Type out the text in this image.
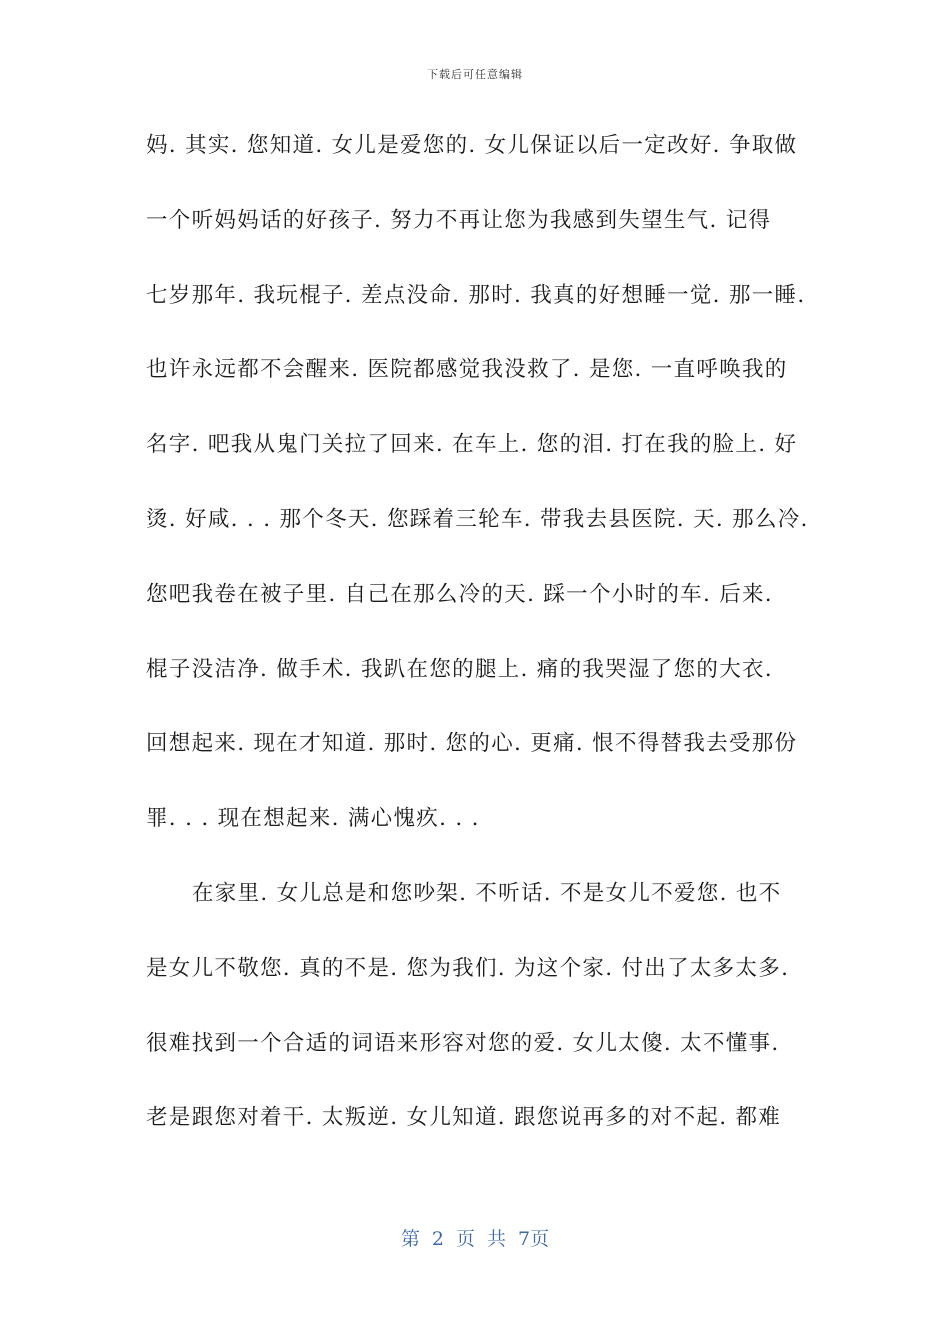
下载后可任意编辑
妈. 其实. 您知道. 女儿是爱您的. 女儿保证以后一定改好. 争取做
一个听妈妈话的好孩子. 努力不再让您为我感到失望生气. 记得
七岁那年. 我玩棍子. 差点没命. 那时. 我真的好想睡一觉. 那一睡.
也许永远都不会醒来. 医院都感觉我没救了. 是您. 一直呼唤我的
名字. 吧我从鬼门关拉了回来. 在车上. 您的泪. 打在我的脸上. 好
烫. 好咸. . . 那个冬天. 您踩着三轮车. 带我去县医院. 天. 那么冷.
您吧我卷在被子里. 自己在那么冷的天. 踩一个小时的车. 后来.
棍子没洁净. 做手术. 我趴在您的腿上. 痛的我哭湿了您的大衣.
回想起来. 现在才知道. 那时. 您的心. 更痛. 恨不得替我去受那份
罪. . . 现在想起来. 满心愧疚. . .
在家里. 女儿总是和您吵架. 不听话. 不是女儿不爱您. 也不
是女儿不敬您. 真的不是. 您为我们. 为这个家. 付出了太多太多.
很难找到一个合适的词语来形容对您的爱. 女儿太傻. 太不懂事.
老是跟您对着干. 太叛逆. 女儿知道. 跟您说再多的对不起. 都难
第 2 页 共 7页
